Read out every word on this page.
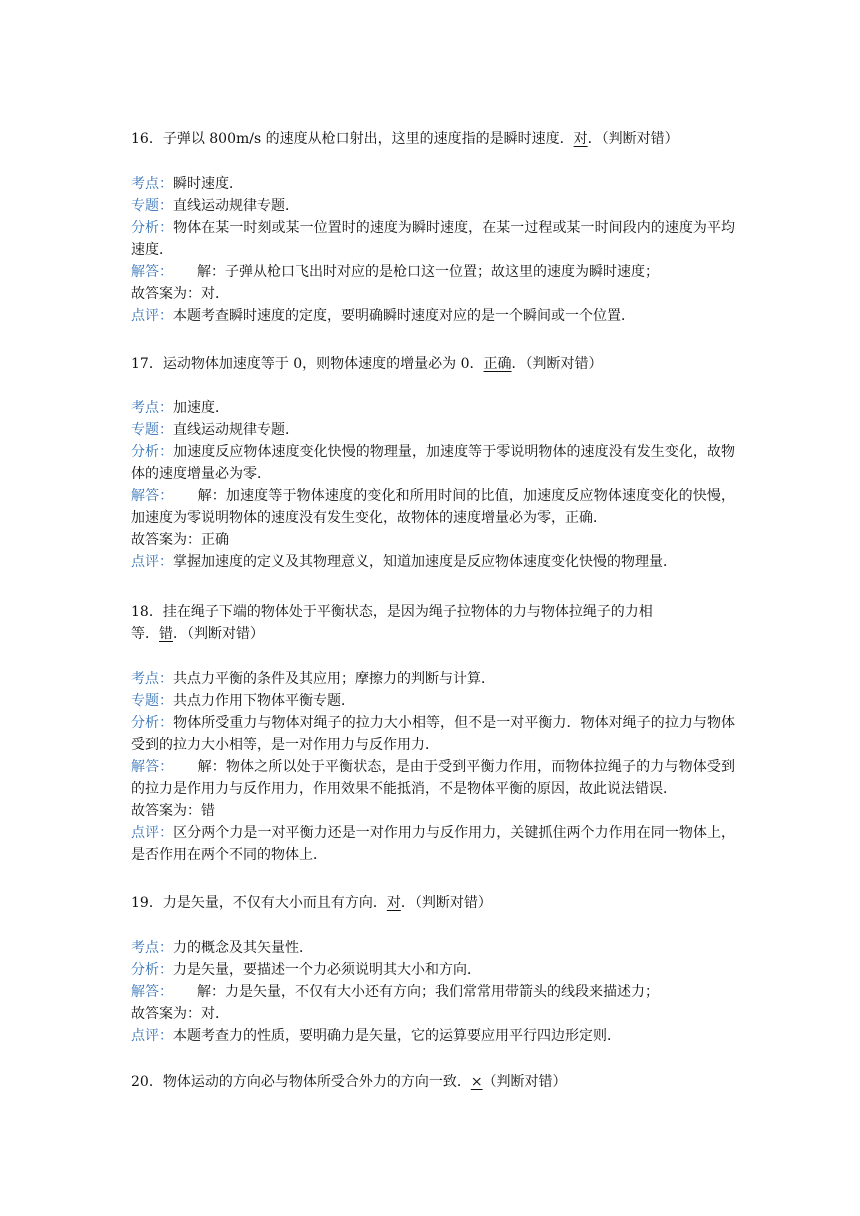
16．子弹以 800m/s 的速度从枪口射出，这里的速度指的是瞬时速度．对．（判断对错）
考点：瞬时速度．
专题：直线运动规律专题．
分析：物体在某一时刻或某一位置时的速度为瞬时速度，在某一过程或某一时间段内的速度为平均速度．
解答： 解：子弹从枪口飞出时对应的是枪口这一位置；故这里的速度为瞬时速度；
故答案为：对．
点评：本题考查瞬时速度的定度，要明确瞬时速度对应的是一个瞬间或一个位置．
17．运动物体加速度等于 0，则物体速度的增量必为 0．正确．（判断对错）
考点：加速度．
专题：直线运动规律专题．
分析：加速度反应物体速度变化快慢的物理量，加速度等于零说明物体的速度没有发生变化，故物体的速度增量必为零．
解答： 解：加速度等于物体速度的变化和所用时间的比值，加速度反应物体速度变化的快慢，加速度为零说明物体的速度没有发生变化，故物体的速度增量必为零，正确．
故答案为：正确
点评：掌握加速度的定义及其物理意义，知道加速度是反应物体速度变化快慢的物理量．
18．挂在绳子下端的物体处于平衡状态，是因为绳子拉物体的力与物体拉绳子的力相
等．错．（判断对错）
考点：共点力平衡的条件及其应用；摩擦力的判断与计算．
专题：共点力作用下物体平衡专题．
分析：物体所受重力与物体对绳子的拉力大小相等，但不是一对平衡力．物体对绳子的拉力与物体受到的拉力大小相等，是一对作用力与反作用力．
解答： 解：物体之所以处于平衡状态，是由于受到平衡力作用，而物体拉绳子的力与物体受到的拉力是作用力与反作用力，作用效果不能抵消，不是物体平衡的原因，故此说法错误．
故答案为：错
点评：区分两个力是一对平衡力还是一对作用力与反作用力，关键抓住两个力作用在同一物体上，是否作用在两个不同的物体上．
19．力是矢量，不仅有大小而且有方向．对．（判断对错）
考点：力的概念及其矢量性．
分析：力是矢量，要描述一个力必须说明其大小和方向．
解答： 解：力是矢量，不仅有大小还有方向；我们常常用带箭头的线段来描述力；
故答案为：对．
点评：本题考查力的性质，要明确力是矢量，它的运算要应用平行四边形定则．
20．物体运动的方向必与物体所受合外力的方向一致．×（判断对错）
